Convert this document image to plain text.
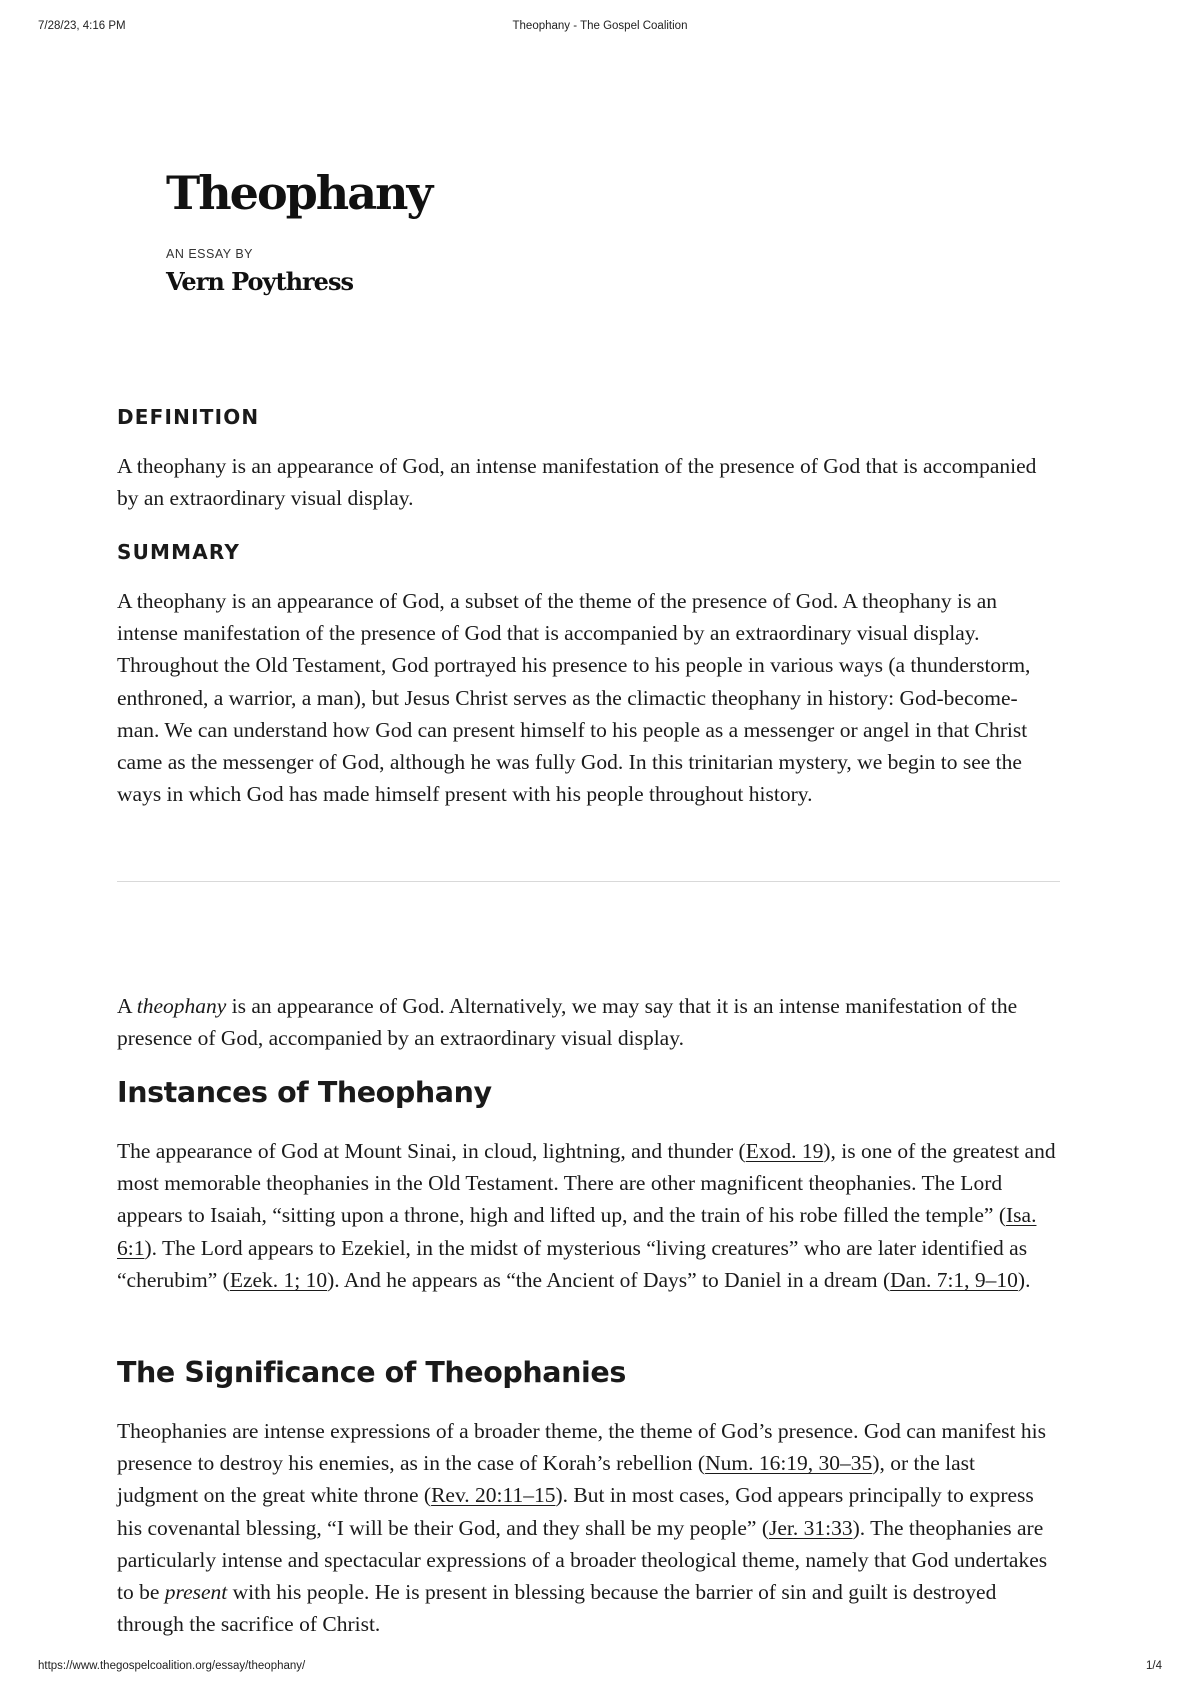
7/28/23, 4:16 PM	Theophany - The Gospel Coalition
Theophany
AN ESSAY BY
Vern Poythress
DEFINITION

A theophany is an appearance of God, an intense manifestation of the presence of God that is accompanied by an extraordinary visual display.

SUMMARY

A theophany is an appearance of God, a subset of the theme of the presence of God. A theophany is an intense manifestation of the presence of God that is accompanied by an extraordinary visual display. Throughout the Old Testament, God portrayed his presence to his people in various ways (a thunderstorm, enthroned, a warrior, a man), but Jesus Christ serves as the climactic theophany in history: God-become-man. We can understand how God can present himself to his people as a messenger or angel in that Christ came as the messenger of God, although he was fully God. In this trinitarian mystery, we begin to see the ways in which God has made himself present with his people throughout history.

A theophany is an appearance of God. Alternatively, we may say that it is an intense manifestation of the presence of God, accompanied by an extraordinary visual display.

Instances of Theophany

The appearance of God at Mount Sinai, in cloud, lightning, and thunder (Exod. 19), is one of the greatest and most memorable theophanies in the Old Testament. There are other magnificent theophanies. The Lord appears to Isaiah, “sitting upon a throne, high and lifted up, and the train of his robe filled the temple” (Isa. 6:1). The Lord appears to Ezekiel, in the midst of mysterious “living creatures” who are later identified as “cherubim” (Ezek. 1; 10). And he appears as “the Ancient of Days” to Daniel in a dream (Dan. 7:1, 9–10).

The Significance of Theophanies

Theophanies are intense expressions of a broader theme, the theme of God’s presence. God can manifest his presence to destroy his enemies, as in the case of Korah’s rebellion (Num. 16:19, 30–35), or the last judgment on the great white throne (Rev. 20:11–15). But in most cases, God appears principally to express his covenantal blessing, “I will be their God, and they shall be my people” (Jer. 31:33). The theophanies are particularly intense and spectacular expressions of a broader theological theme, namely that God undertakes to be present with his people. He is present in blessing because the barrier of sin and guilt is destroyed through the sacrifice of Christ.

https://www.thegospelcoalition.org/essay/theophany/	1/4
